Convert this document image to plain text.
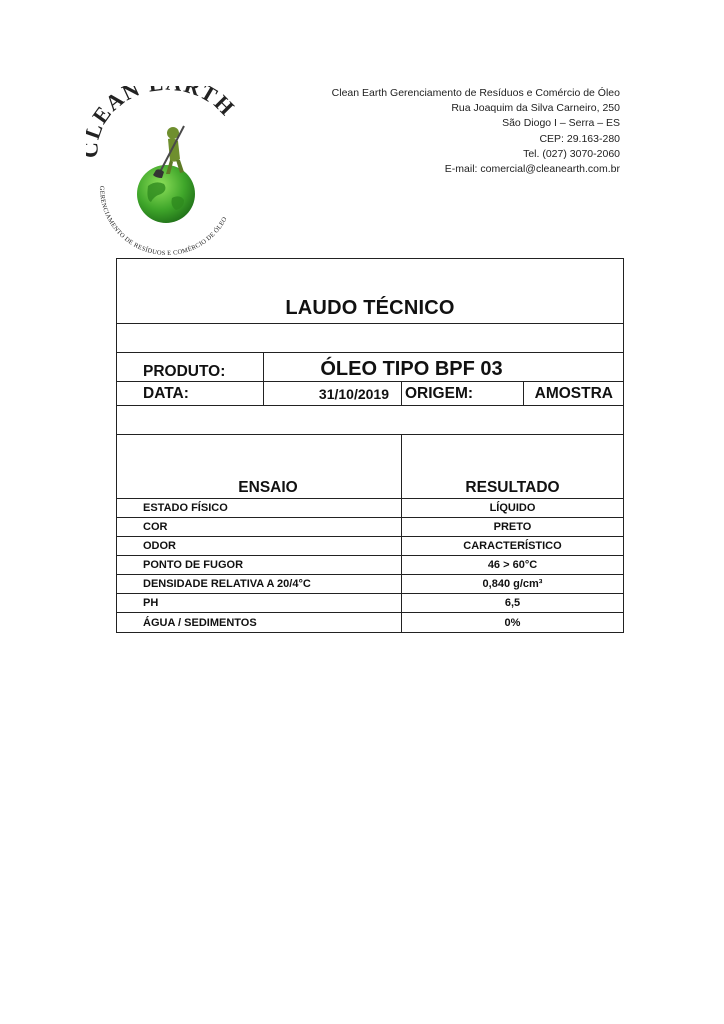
EAN RTH
GERENCIAMENTO DE RESÍDUOS E COMÉRCIO DE ÓLEO
Clean Earth Gerenciamento de Resíduos e Comércio de Óleo
Rua Joaquim da Silva Carneiro, 250
São Diogo I – Serra – ES
CEP: 29.163-280
Tel. (027) 3070-2060
E-mail: comercial@cleanearth.com.br
LAUDO TÉCNICO
PRODUTO:	ÓLEO TIPO BPF 03
DATA:	31/10/2019	ORIGEM:	AMOSTRA
ENSAIO	RESULTADO
ESTADO FÍSICO	LÍQUIDO
COR	PRETO
ODOR	CARACTERÍSTICO
PONTO DE FUGOR	46 > 60°C
DENSIDADE RELATIVA A 20/4°C	0,840 g/cm³
PH	6,5
ÁGUA / SEDIMENTOS	0%
